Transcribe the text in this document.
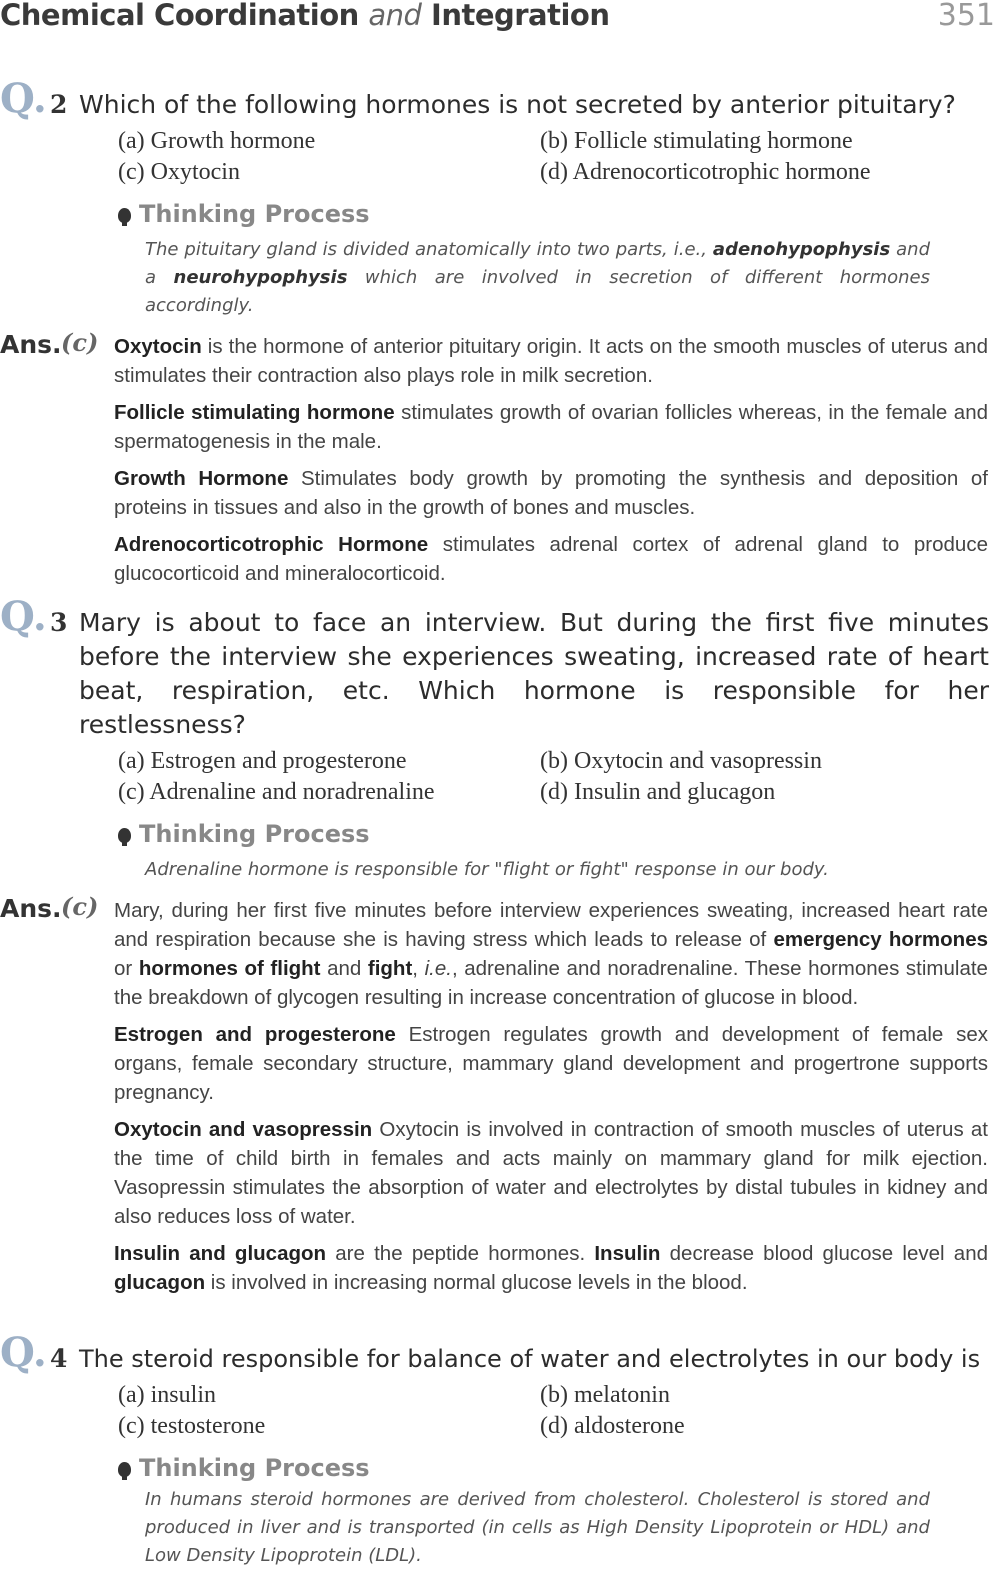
Chemical Coordination and Integration	351
Q. 2 Which of the following hormones is not secreted by anterior pituitary?
(a) Growth hormone	(b) Follicle stimulating hormone
(c) Oxytocin	(d) Adrenocorticotrophic hormone
Thinking Process
The pituitary gland is divided anatomically into two parts, i.e., adenohypophysis and a neurohypophysis which are involved in secretion of different hormones accordingly.
Ans. (c) Oxytocin is the hormone of anterior pituitary origin. It acts on the smooth muscles of uterus and stimulates their contraction also plays role in milk secretion.
Follicle stimulating hormone stimulates growth of ovarian follicles whereas, in the female and spermatogenesis in the male.
Growth Hormone Stimulates body growth by promoting the synthesis and deposition of proteins in tissues and also in the growth of bones and muscles.
Adrenocorticotrophic Hormone stimulates adrenal cortex of adrenal gland to produce glucocorticoid and mineralocorticoid.
Q. 3 Mary is about to face an interview. But during the first five minutes before the interview she experiences sweating, increased rate of heart beat, respiration, etc. Which hormone is responsible for her restlessness?
(a) Estrogen and progesterone	(b) Oxytocin and vasopressin
(c) Adrenaline and noradrenaline	(d) Insulin and glucagon
Thinking Process
Adrenaline hormone is responsible for "flight or fight" response in our body.
Ans. (c) Mary, during her first five minutes before interview experiences sweating, increased heart rate and respiration because she is having stress which leads to release of emergency hormones or hormones of flight and fight, i.e., adrenaline and noradrenaline. These hormones stimulate the breakdown of glycogen resulting in increase concentration of glucose in blood.
Estrogen and progesterone Estrogen regulates growth and development of female sex organs, female secondary structure, mammary gland development and progertrone supports pregnancy.
Oxytocin and vasopressin Oxytocin is involved in contraction of smooth muscles of uterus at the time of child birth in females and acts mainly on mammary gland for milk ejection. Vasopressin stimulates the absorption of water and electrolytes by distal tubules in kidney and also reduces loss of water.
Insulin and glucagon are the peptide hormones. Insulin decrease blood glucose level and glucagon is involved in increasing normal glucose levels in the blood.
Q. 4 The steroid responsible for balance of water and electrolytes in our body is
(a) insulin	(b) melatonin
(c) testosterone	(d) aldosterone
Thinking Process
In humans steroid hormones are derived from cholesterol. Cholesterol is stored and produced in liver and is transported (in cells as High Density Lipoprotein or HDL) and Low Density Lipoprotein (LDL).
